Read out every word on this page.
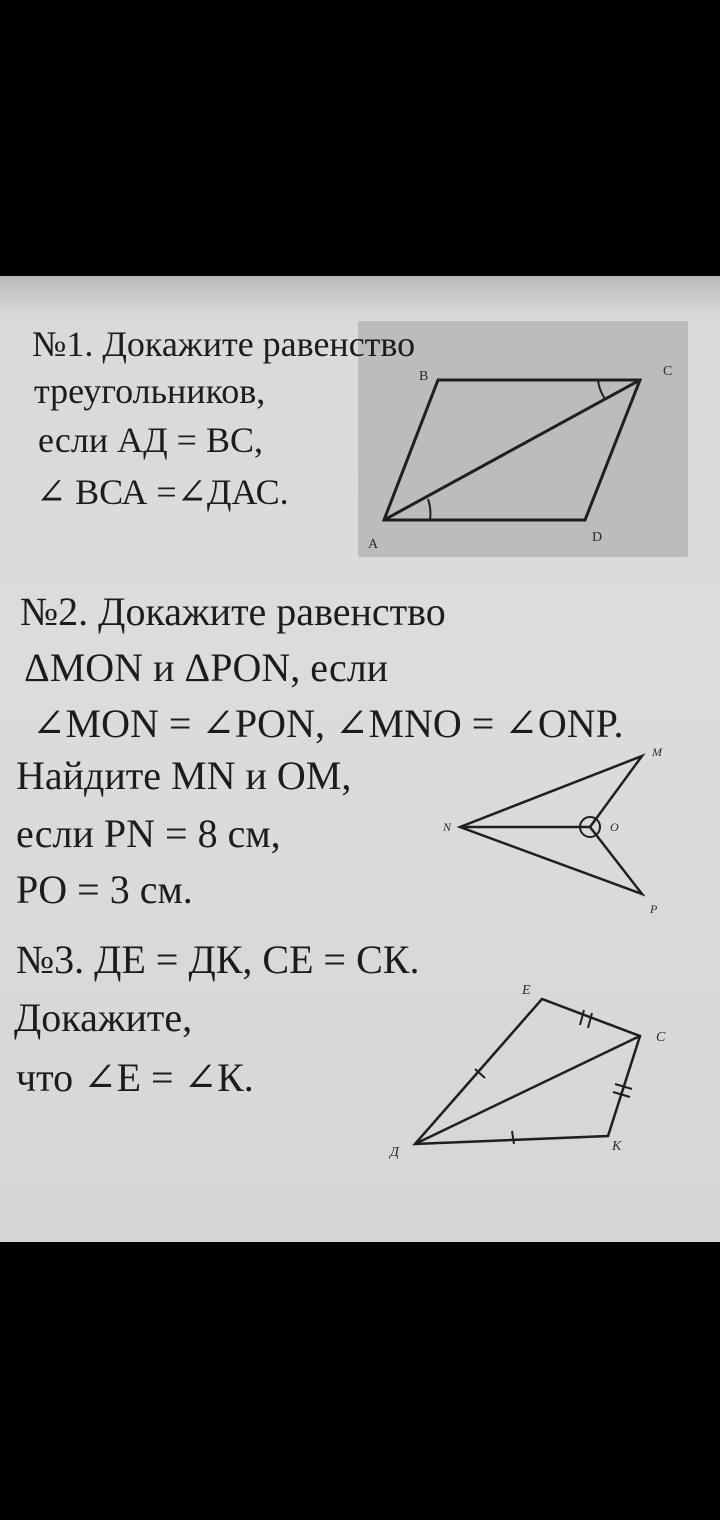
№1. Докажите равенство

треугольников,

если АД = ВС,

∠ ВСА =∠ДАС.

B	C

A	D

№2. Докажите равенство

ΔMON и ΔPON, если

∠MON = ∠PON, ∠MNO = ∠ONP.

Найдите MN и OM,

если PN = 8 см,

PO = 3 см.

M

N	O

P

№3. ДЕ = ДК, СЕ = СК.

Докажите,

что ∠Е = ∠К.

E

C

Д	К
